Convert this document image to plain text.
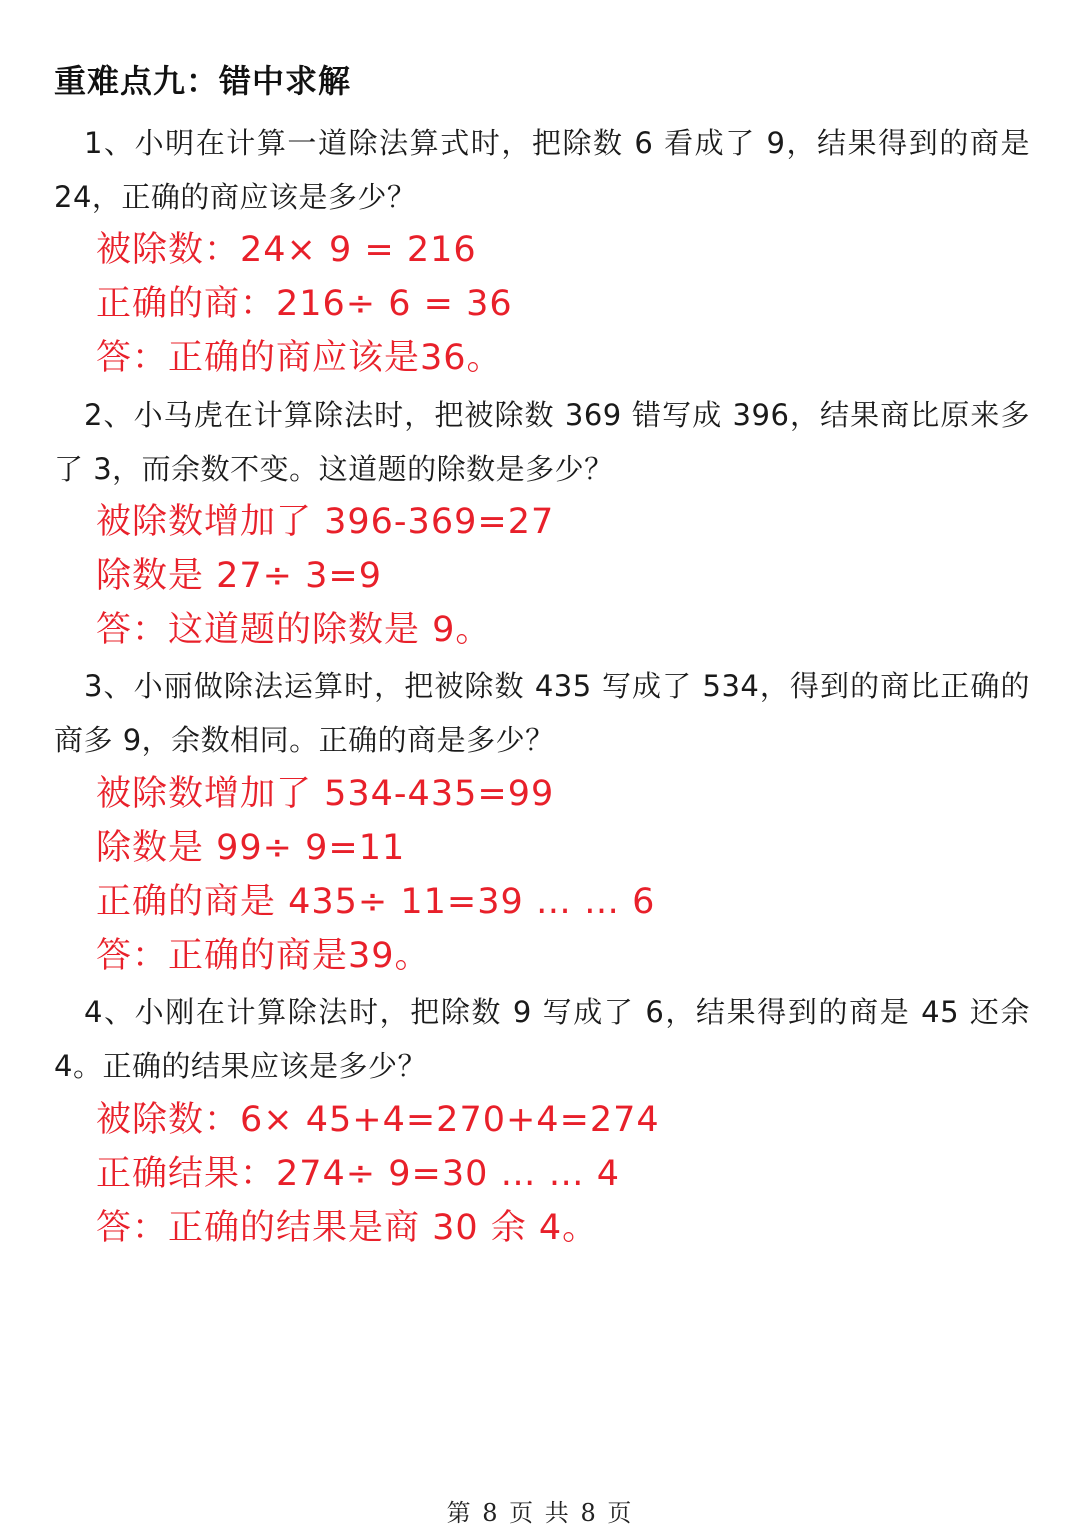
重难点九：错中求解
1、小明在计算一道除法算式时，把除数 6 看成了 9，结果得到的商是 24，正确的商应该是多少？
被除数：24× 9 = 216
正确的商：216÷ 6 = 36
答：正确的商应该是36。
2、小马虎在计算除法时，把被除数 369 错写成 396，结果商比原来多了 3，而余数不变。这道题的除数是多少？
被除数增加了 396-369=27
除数是 27÷ 3=9
答：这道题的除数是 9。
3、小丽做除法运算时，把被除数 435 写成了 534，得到的商比正确的商多 9，余数相同。正确的商是多少？
被除数增加了 534-435=99
除数是 99÷ 9=11
正确的商是 435÷ 11=39 … … 6
答：正确的商是39。
4、小刚在计算除法时，把除数 9 写成了 6，结果得到的商是 45 还余 4。正确的结果应该是多少？
被除数：6× 45+4=270+4=274
正确结果：274÷ 9=30 … … 4
答：正确的结果是商 30 余 4。
第 8 页 共 8 页
